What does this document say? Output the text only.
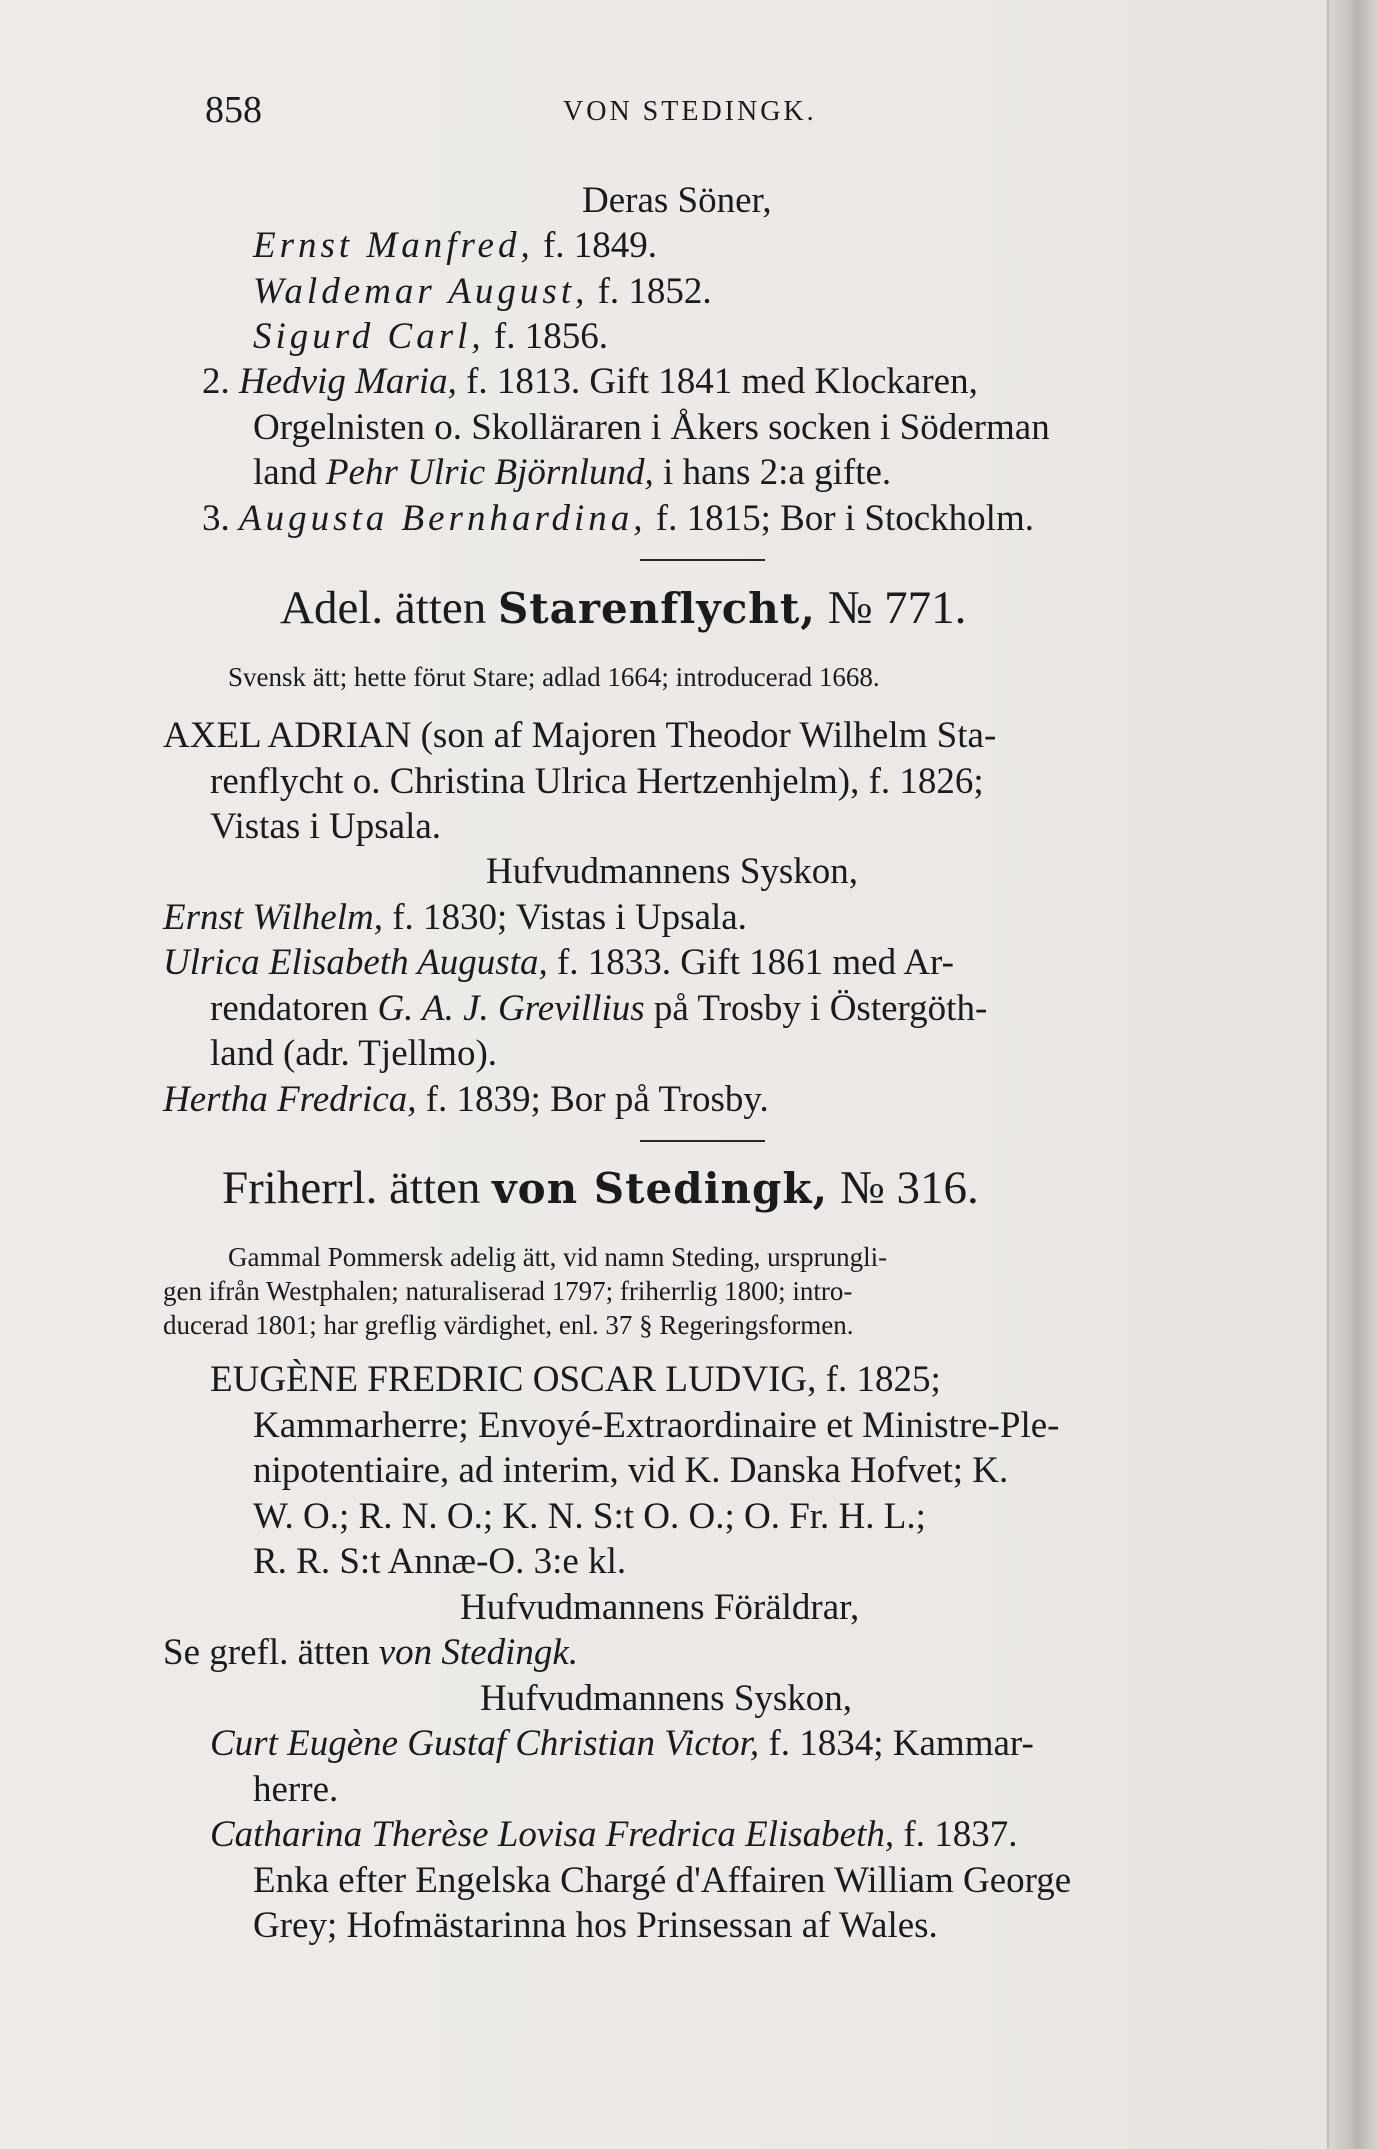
858	VON STEDINGK.
Deras Söner,
Ernst Manfred, f. 1849.
Waldemar August, f. 1852.
Sigurd Carl, f. 1856.
2. Hedvig Maria, f. 1813. Gift 1841 med Klockaren,
Orgelnisten o. Skolläraren i Åkers socken i Söderman
land Pehr Ulric Björnlund, i hans 2:a gifte.
3. Augusta Bernhardina, f. 1815; Bor i Stockholm.
Adel. ätten Starenflycht, № 771.
Svensk ätt; hette förut Stare; adlad 1664; introducerad 1668.
AXEL ADRIAN (son af Majoren Theodor Wilhelm Sta-
renflycht o. Christina Ulrica Hertzenhjelm), f. 1826;
Vistas i Upsala.
Hufvudmannens Syskon,
Ernst Wilhelm, f. 1830; Vistas i Upsala.
Ulrica Elisabeth Augusta, f. 1833. Gift 1861 med Ar-
rendatoren G. A. J. Grevillius på Trosby i Östergöth-
land (adr. Tjellmo).
Hertha Fredrica, f. 1839; Bor på Trosby.
Friherrl. ätten von Stedingk, № 316.
Gammal Pommersk adelig ätt, vid namn Steding, ursprungli-
gen ifrån Westphalen; naturaliserad 1797; friherrlig 1800; intro-
ducerad 1801; har greflig värdighet, enl. 37 § Regeringsformen.
EUGÈNE FREDRIC OSCAR LUDVIG, f. 1825;
Kammarherre; Envoyé-Extraordinaire et Ministre-Ple-
nipotentiaire, ad interim, vid K. Danska Hofvet; K.
W. O.; R. N. O.; K. N. S:t O. O.; O. Fr. H. L.;
R. R. S:t Annæ-O. 3:e kl.
Hufvudmannens Föräldrar,
Se grefl. ätten von Stedingk.
Hufvudmannens Syskon,
Curt Eugène Gustaf Christian Victor, f. 1834; Kammar-
herre.
Catharina Therèse Lovisa Fredrica Elisabeth, f. 1837.
Enka efter Engelska Chargé d'Affairen William George
Grey; Hofmästarinna hos Prinsessan af Wales.
